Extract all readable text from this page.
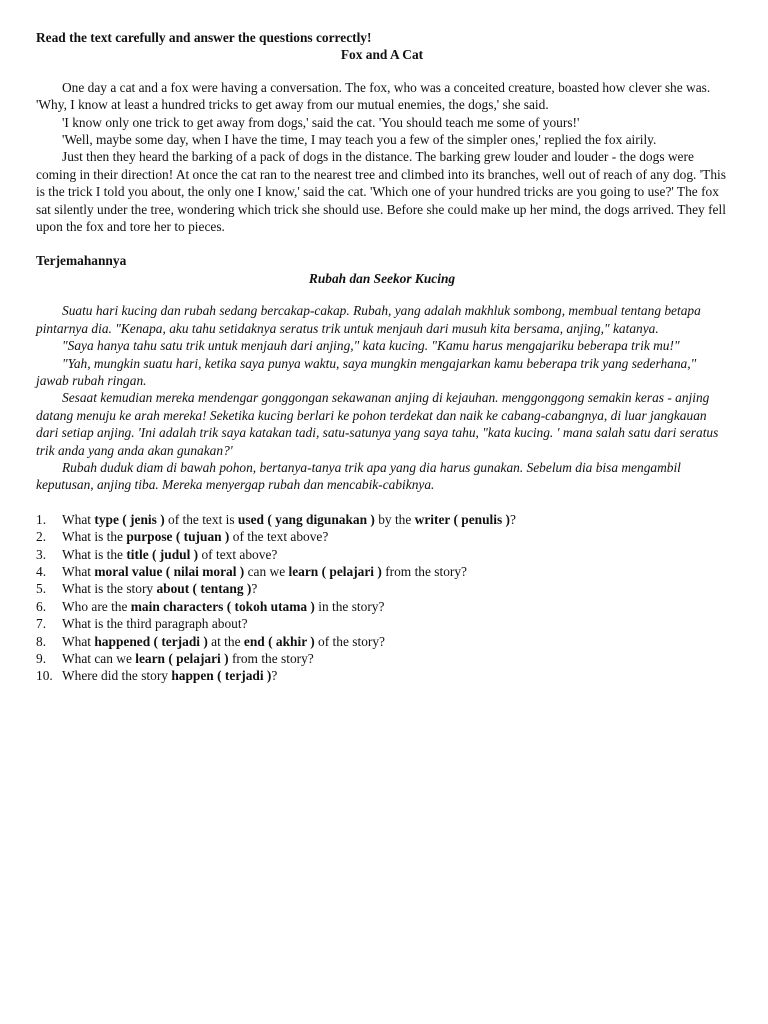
Read the text carefully and answer the questions correctly!

Fox and A Cat

One day a cat and a fox were having a conversation. The fox, who was a conceited creature, boasted how clever she was. 'Why, I know at least a hundred tricks to get away from our mutual enemies, the dogs,' she said.

'I know only one trick to get away from dogs,' said the cat. 'You should teach me some of yours!'

'Well, maybe some day, when I have the time, I may teach you a few of the simpler ones,' replied the fox airily.

Just then they heard the barking of a pack of dogs in the distance. The barking grew louder and louder - the dogs were coming in their direction! At once the cat ran to the nearest tree and climbed into its branches, well out of reach of any dog. 'This is the trick I told you about, the only one I know,' said the cat. 'Which one of your hundred tricks are you going to use?' The fox sat silently under the tree, wondering which trick she should use. Before she could make up her mind, the dogs arrived. They fell upon the fox and tore her to pieces.

Terjemahannya

Rubah dan Seekor Kucing

Suatu hari kucing dan rubah sedang bercakap-cakap. Rubah, yang adalah makhluk sombong, membual tentang betapa pintarnya dia. "Kenapa, aku tahu setidaknya seratus trik untuk menjauh dari musuh kita bersama, anjing," katanya.

"Saya hanya tahu satu trik untuk menjauh dari anjing," kata kucing. "Kamu harus mengajariku beberapa trik mu!"

"Yah, mungkin suatu hari, ketika saya punya waktu, saya mungkin mengajarkan kamu beberapa trik yang sederhana," jawab rubah ringan.

Sesaat kemudian mereka mendengar gonggongan sekawanan anjing di kejauhan. menggonggong semakin keras - anjing datang menuju ke arah mereka! Seketika kucing berlari ke pohon terdekat dan naik ke cabang-cabangnya, di luar jangkauan dari setiap anjing. 'Ini adalah trik saya katakan tadi, satu-satunya yang saya tahu, "kata kucing. ' mana salah satu dari seratus trik anda yang anda akan gunakan?'

Rubah duduk diam di bawah pohon, bertanya-tanya trik apa yang dia harus gunakan. Sebelum dia bisa mengambil keputusan, anjing tiba. Mereka menyergap rubah dan mencabik-cabiknya.

1.	What type ( jenis ) of the text is used ( yang digunakan ) by the writer ( penulis )?
2.	What is the purpose ( tujuan ) of the text above?
3.	What is the title ( judul ) of text above?
4.	What moral value ( nilai moral ) can we learn ( pelajari ) from the story?
5.	What is the story about ( tentang )?
6.	Who are the main characters ( tokoh utama ) in the story?
7.	What is the third paragraph about?
8.	What happened ( terjadi ) at the end ( akhir ) of the story?
9.	What can we learn ( pelajari ) from the story?
10. Where did the story happen ( terjadi )?
